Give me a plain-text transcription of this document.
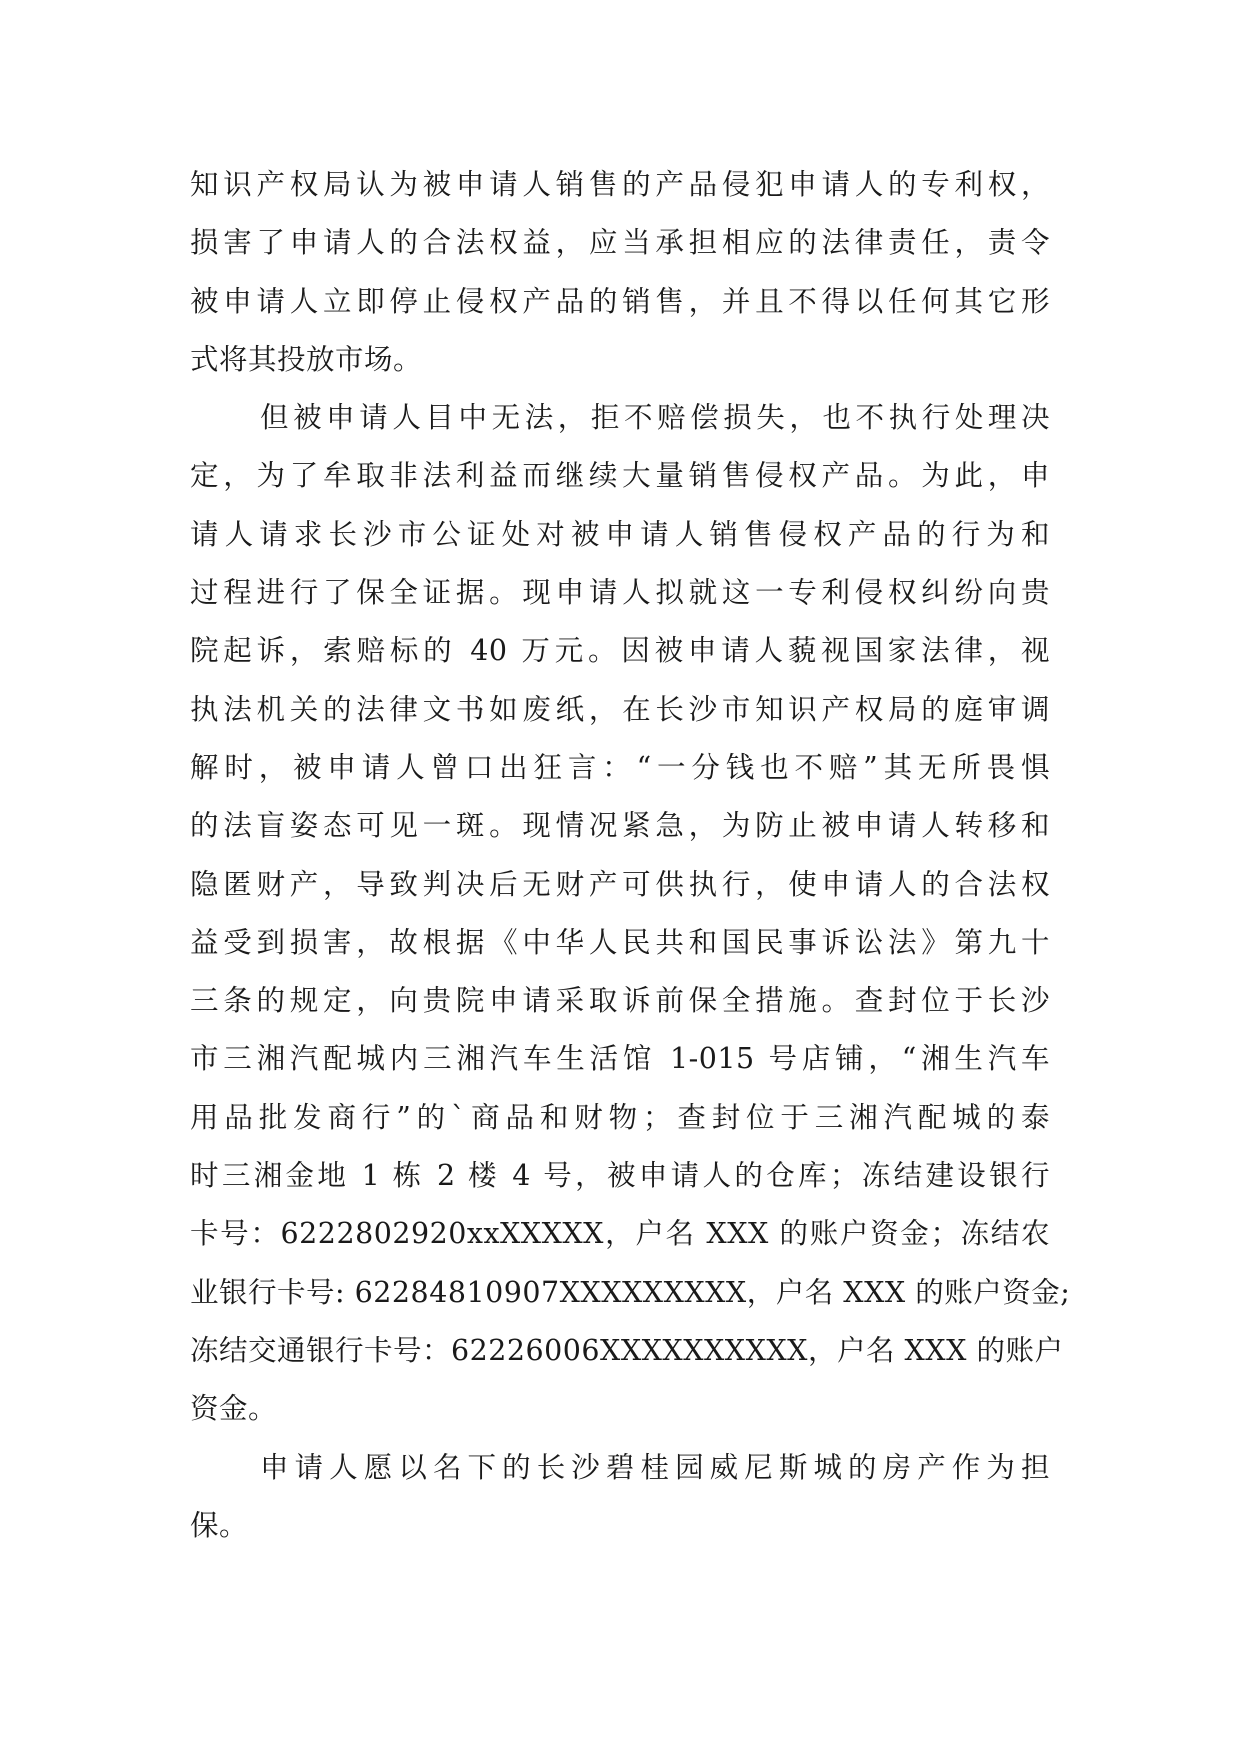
知识产权局认为被申请人销售的产品侵犯申请人的专利权，
损害了申请人的合法权益，应当承担相应的法律责任，责令
被申请人立即停止侵权产品的销售，并且不得以任何其它形
式将其投放市场。
但被申请人目中无法，拒不赔偿损失，也不执行处理决
定，为了牟取非法利益而继续大量销售侵权产品。为此，申
请人请求长沙市公证处对被申请人销售侵权产品的行为和
过程进行了保全证据。现申请人拟就这一专利侵权纠纷向贵
院起诉，索赔标的 40 万元。因被申请人藐视国家法律，视
执法机关的法律文书如废纸，在长沙市知识产权局的庭审调
解时，被申请人曾口出狂言：“一分钱也不赔”其无所畏惧
的法盲姿态可见一斑。现情况紧急，为防止被申请人转移和
隐匿财产，导致判决后无财产可供执行，使申请人的合法权
益受到损害，故根据《中华人民共和国民事诉讼法》第九十
三条的规定，向贵院申请采取诉前保全措施。查封位于长沙
市三湘汽配城内三湘汽车生活馆 1-015 号店铺，“湘生汽车
用品批发商行”的`商品和财物；查封位于三湘汽配城的泰
时三湘金地 1 栋 2 楼 4 号，被申请人的仓库；冻结建设银行
卡号：6222802920xxXXXXX，户名 XXX 的账户资金；冻结农
业银行卡号: 62284810907XXXXXXXXX，户名 XXX 的账户资金;
冻结交通银行卡号：62226006XXXXXXXXXX，户名 XXX 的账户
资金。
申请人愿以名下的长沙碧桂园威尼斯城的房产作为担
保。
